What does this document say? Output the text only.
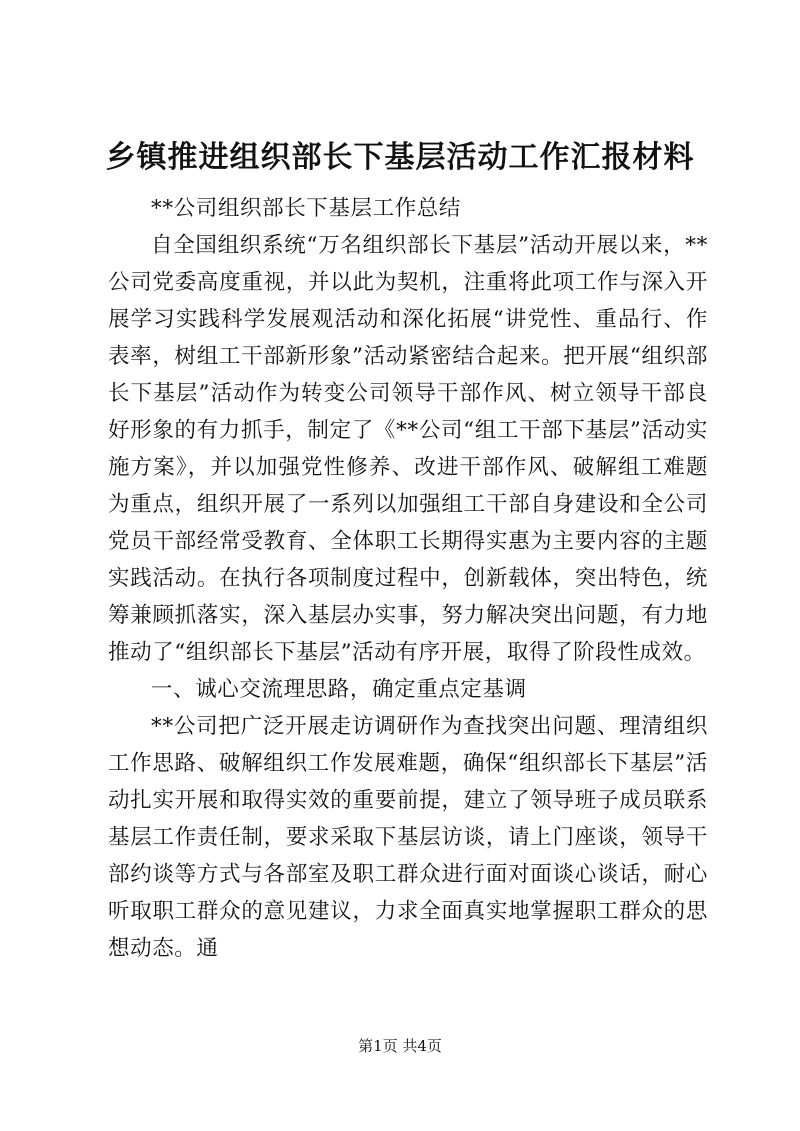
乡镇推进组织部长下基层活动工作汇报材料

**公司组织部长下基层工作总结

自全国组织系统“万名组织部长下基层”活动开展以来，**公司党委高度重视，并以此为契机，注重将此项工作与深入开展学习实践科学发展观活动和深化拓展“讲党性、重品行、作表率，树组工干部新形象”活动紧密结合起来。把开展“组织部长下基层”活动作为转变公司领导干部作风、树立领导干部良好形象的有力抓手，制定了《**公司“组工干部下基层”活动实施方案》，并以加强党性修养、改进干部作风、破解组工难题为重点，组织开展了一系列以加强组工干部自身建设和全公司党员干部经常受教育、全体职工长期得实惠为主要内容的主题实践活动。在执行各项制度过程中，创新载体，突出特色，统筹兼顾抓落实，深入基层办实事，努力解决突出问题，有力地推动了“组织部长下基层”活动有序开展，取得了阶段性成效。

一、诚心交流理思路，确定重点定基调

**公司把广泛开展走访调研作为查找突出问题、理清组织工作思路、破解组织工作发展难题，确保“组织部长下基层”活动扎实开展和取得实效的重要前提，建立了领导班子成员联系基层工作责任制，要求采取下基层访谈，请上门座谈，领导干部约谈等方式与各部室及职工群众进行面对面谈心谈话，耐心听取职工群众的意见建议，力求全面真实地掌握职工群众的思想动态。通

第1页 共4页
